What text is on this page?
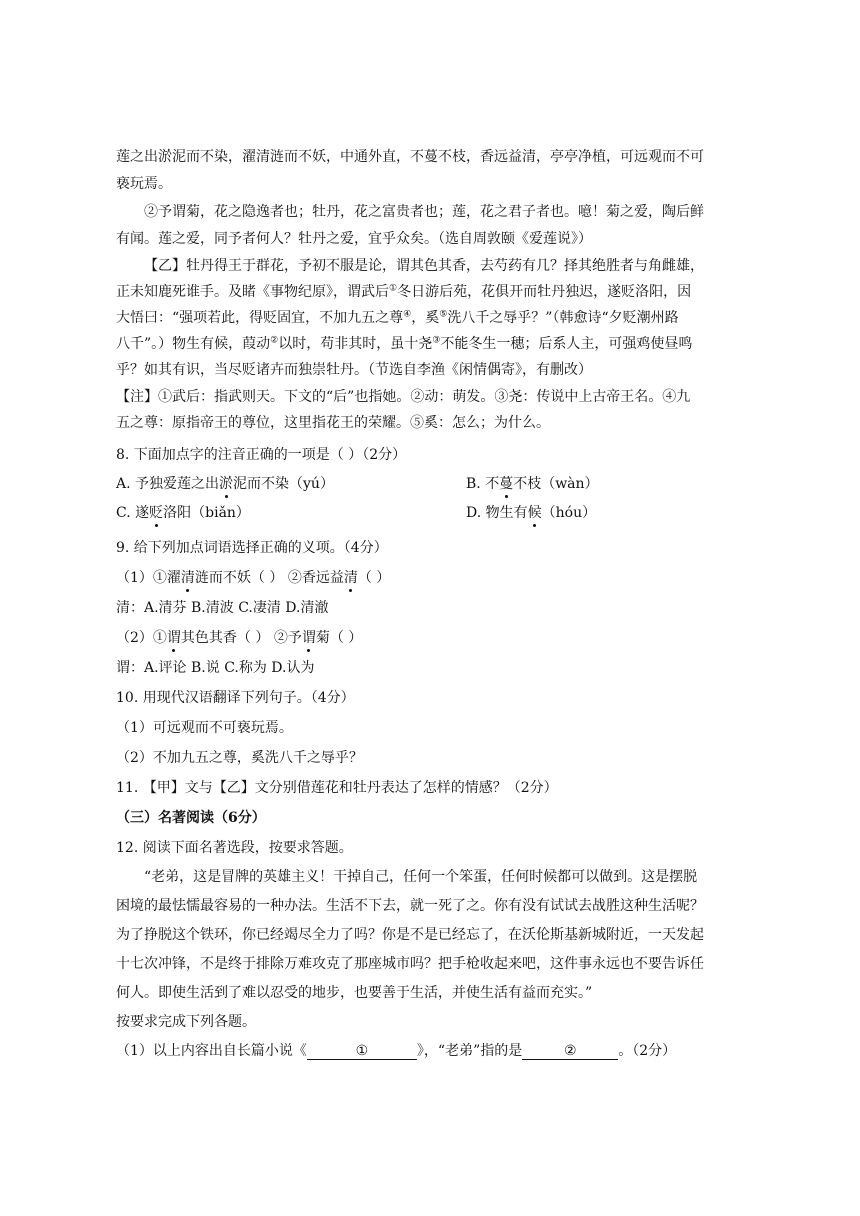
莲之出淤泥而不染，濯清涟而不妖，中通外直，不蔓不枝，香远益清，亭亭净植，可远观而不可
亵玩焉。
②予谓菊，花之隐逸者也；牡丹，花之富贵者也；莲，花之君子者也。噫！菊之爱，陶后鲜
有闻。莲之爱，同予者何人？牡丹之爱，宜乎众矣。（选自周敦颐《爱莲说》）
【乙】牡丹得王于群花，予初不服是论，谓其色其香，去芍药有几？择其绝胜者与角雌雄，
正未知鹿死谁手。及睹《事物纪原》，谓武后①冬日游后苑，花俱开而牡丹独迟，遂贬洛阳，因
大悟曰：“强项若此，得贬固宜，不加九五之尊④，奚⑤洗八千之辱乎？”（韩愈诗“夕贬潮州路
八千”。）物生有候，葭动②以时，苟非其时，虽十尧③不能冬生一穗；后系人主，可强鸡使昼鸣
乎？如其有识，当尽贬诸卉而独崇牡丹。（节选自李渔《闲情偶寄》，有删改）
【注】①武后：指武则天。下文的“后”也指她。②动：萌发。③尧：传说中上古帝王名。④九
五之尊：原指帝王的尊位，这里指花王的荣耀。⑤奚：怎么；为什么。
8. 下面加点字的注音正确的一项是（ ）（2分）
A. 予独爱莲之出淤泥而不染（yú）	B. 不蔓不枝（wàn）
C. 遂贬洛阳（biǎn）	D. 物生有候（hóu）
9. 给下列加点词语选择正确的义项。（4分）
（1）①濯清涟而不妖（ ） ②香远益清（ ）
清：A.清芬 B.清波 C.凄清 D.清澈
（2）①谓其色其香（ ） ②予谓菊（ ）
谓：A.评论 B.说 C.称为 D.认为
10. 用现代汉语翻译下列句子。（4分）
（1）可远观而不可亵玩焉。
（2）不加九五之尊，奚洗八千之辱乎？
11. 【甲】文与【乙】文分别借莲花和牡丹表达了怎样的情感？（2分）
（三）名著阅读（6分）
12. 阅读下面名著选段，按要求答题。
“老弟，这是冒牌的英雄主义！干掉自己，任何一个笨蛋，任何时候都可以做到。这是摆脱
困境的最怯懦最容易的一种办法。生活不下去，就一死了之。你有没有试试去战胜这种生活呢？
为了挣脱这个铁环，你已经竭尽全力了吗？你是不是已经忘了，在沃伦斯基新城附近，一天发起
十七次冲锋，不是终于排除万难攻克了那座城市吗？把手枪收起来吧，这件事永远也不要告诉任
何人。即使生活到了难以忍受的地步，也要善于生活，并使生活有益而充实。”
按要求完成下列各题。
（1）以上内容出自长篇小说《	①	》，“老弟”指的是	②	。（2分）
